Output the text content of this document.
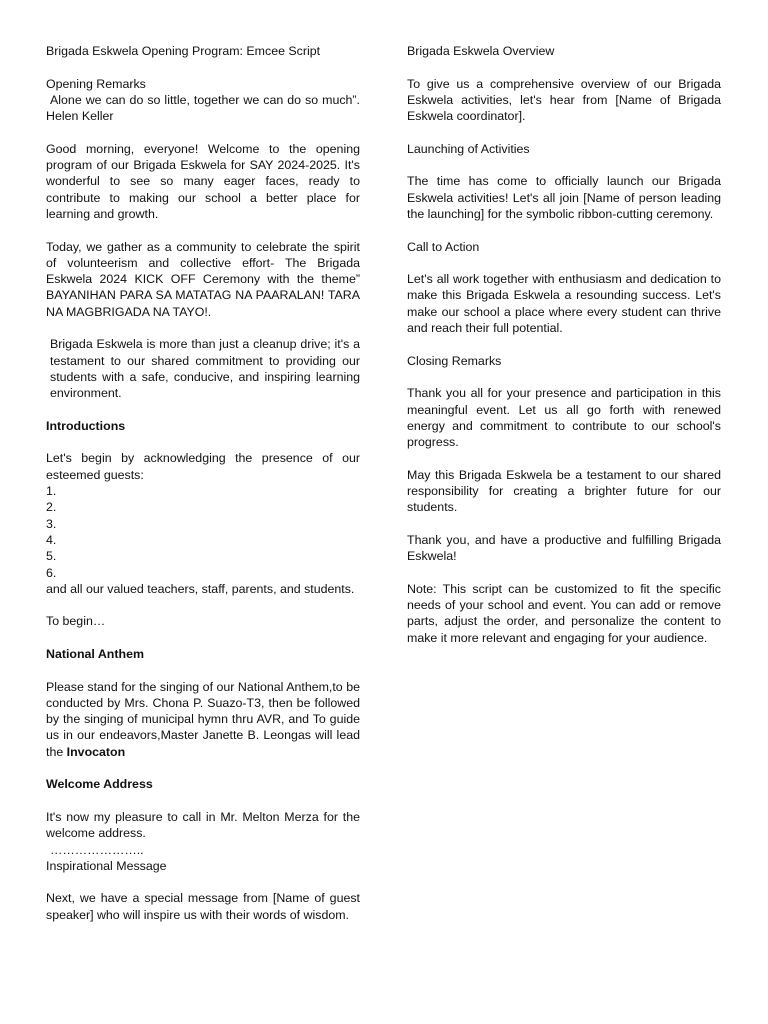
Brigada Eskwela Opening Program: Emcee Script

Opening Remarks

Alone we can do so little, together we can do so much”. Helen Keller

Good morning, everyone! Welcome to the opening program of our Brigada Eskwela for SAY 2024-2025. It's wonderful to see so many eager faces, ready to contribute to making our school a better place for learning and growth.

Today, we gather as a community to celebrate the spirit of volunteerism and collective effort- The Brigada Eskwela 2024 KICK OFF Ceremony with the theme” BAYANIHAN PARA SA MATATAG NA PAARALAN! TARA NA MAGBRIGADA NA TAYO!.

Brigada Eskwela is more than just a cleanup drive; it's a testament to our shared commitment to providing our students with a safe, conducive, and inspiring learning environment.

Introductions

Let's begin by acknowledging the presence of our esteemed guests:

1.
2.
3.
4.
5.
6.

and all our valued teachers, staff, parents, and students.

To begin…

National Anthem

Please stand for the singing of our National Anthem,to be conducted by Mrs. Chona P. Suazo-T3, then be followed by the singing of municipal hymn thru AVR, and To guide us in our endeavors,Master Janette B. Leongas will lead the Invocaton

Welcome Address

It's now my pleasure to call in Mr. Melton Merza for the welcome address.

…………………..

Inspirational Message

Next, we have a special message from [Name of guest speaker] who will inspire us with their words of wisdom.

Brigada Eskwela Overview

To give us a comprehensive overview of our Brigada Eskwela activities, let's hear from [Name of Brigada Eskwela coordinator].

Launching of Activities

The time has come to officially launch our Brigada Eskwela activities! Let's all join [Name of person leading the launching] for the symbolic ribbon-cutting ceremony.

Call to Action

Let's all work together with enthusiasm and dedication to make this Brigada Eskwela a resounding success. Let's make our school a place where every student can thrive and reach their full potential.

Closing Remarks

Thank you all for your presence and participation in this meaningful event. Let us all go forth with renewed energy and commitment to contribute to our school's progress.

May this Brigada Eskwela be a testament to our shared responsibility for creating a brighter future for our students.

Thank you, and have a productive and fulfilling Brigada Eskwela!

Note: This script can be customized to fit the specific needs of your school and event. You can add or remove parts, adjust the order, and personalize the content to make it more relevant and engaging for your audience.
